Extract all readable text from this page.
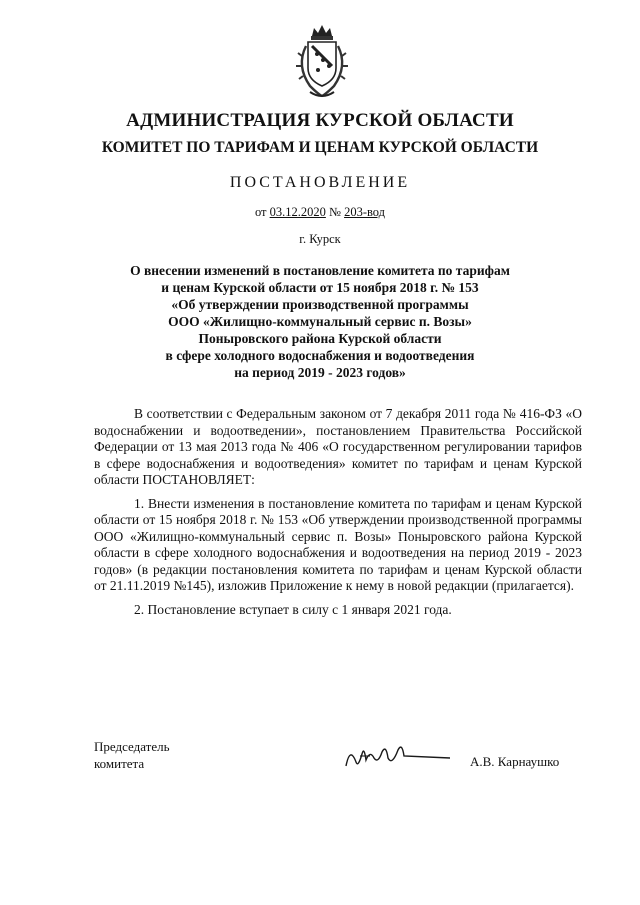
АДМИНИСТРАЦИЯ КУРСКОЙ ОБЛАСТИ
КОМИТЕТ ПО ТАРИФАМ И ЦЕНАМ КУРСКОЙ ОБЛАСТИ
ПОСТАНОВЛЕНИЕ
от 03.12.2020 № 203-вод
г. Курск
О внесении изменений в постановление комитета по тарифам
и ценам Курской области от 15 ноября 2018 г. № 153
«Об утверждении производственной программы
ООО «Жилищно-коммунальный сервис п. Возы»
Поныровского района Курской области
в сфере холодного водоснабжения и водоотведения
на период 2019 - 2023 годов»

В соответствии с Федеральным законом от 7 декабря 2011 года № 416-ФЗ «О водоснабжении и водоотведении», постановлением Правительства Российской Федерации от 13 мая 2013 года № 406 «О государственном регулировании тарифов в сфере водоснабжения и водоотведения» комитет по тарифам и ценам Курской области ПОСТАНОВЛЯЕТ:

1. Внести изменения в постановление комитета по тарифам и ценам Курской области от 15 ноября 2018 г. № 153 «Об утверждении производственной программы ООО «Жилищно-коммунальный сервис п. Возы» Поныровского района Курской области в сфере холодного водоснабжения и водоотведения на период 2019 - 2023 годов» (в редакции постановления комитета по тарифам и ценам Курской области от 21.11.2019 №145), изложив Приложение к нему в новой редакции (прилагается).

2. Постановление вступает в силу с 1 января 2021 года.

Председатель
комитета	А.В. Карнаушко
